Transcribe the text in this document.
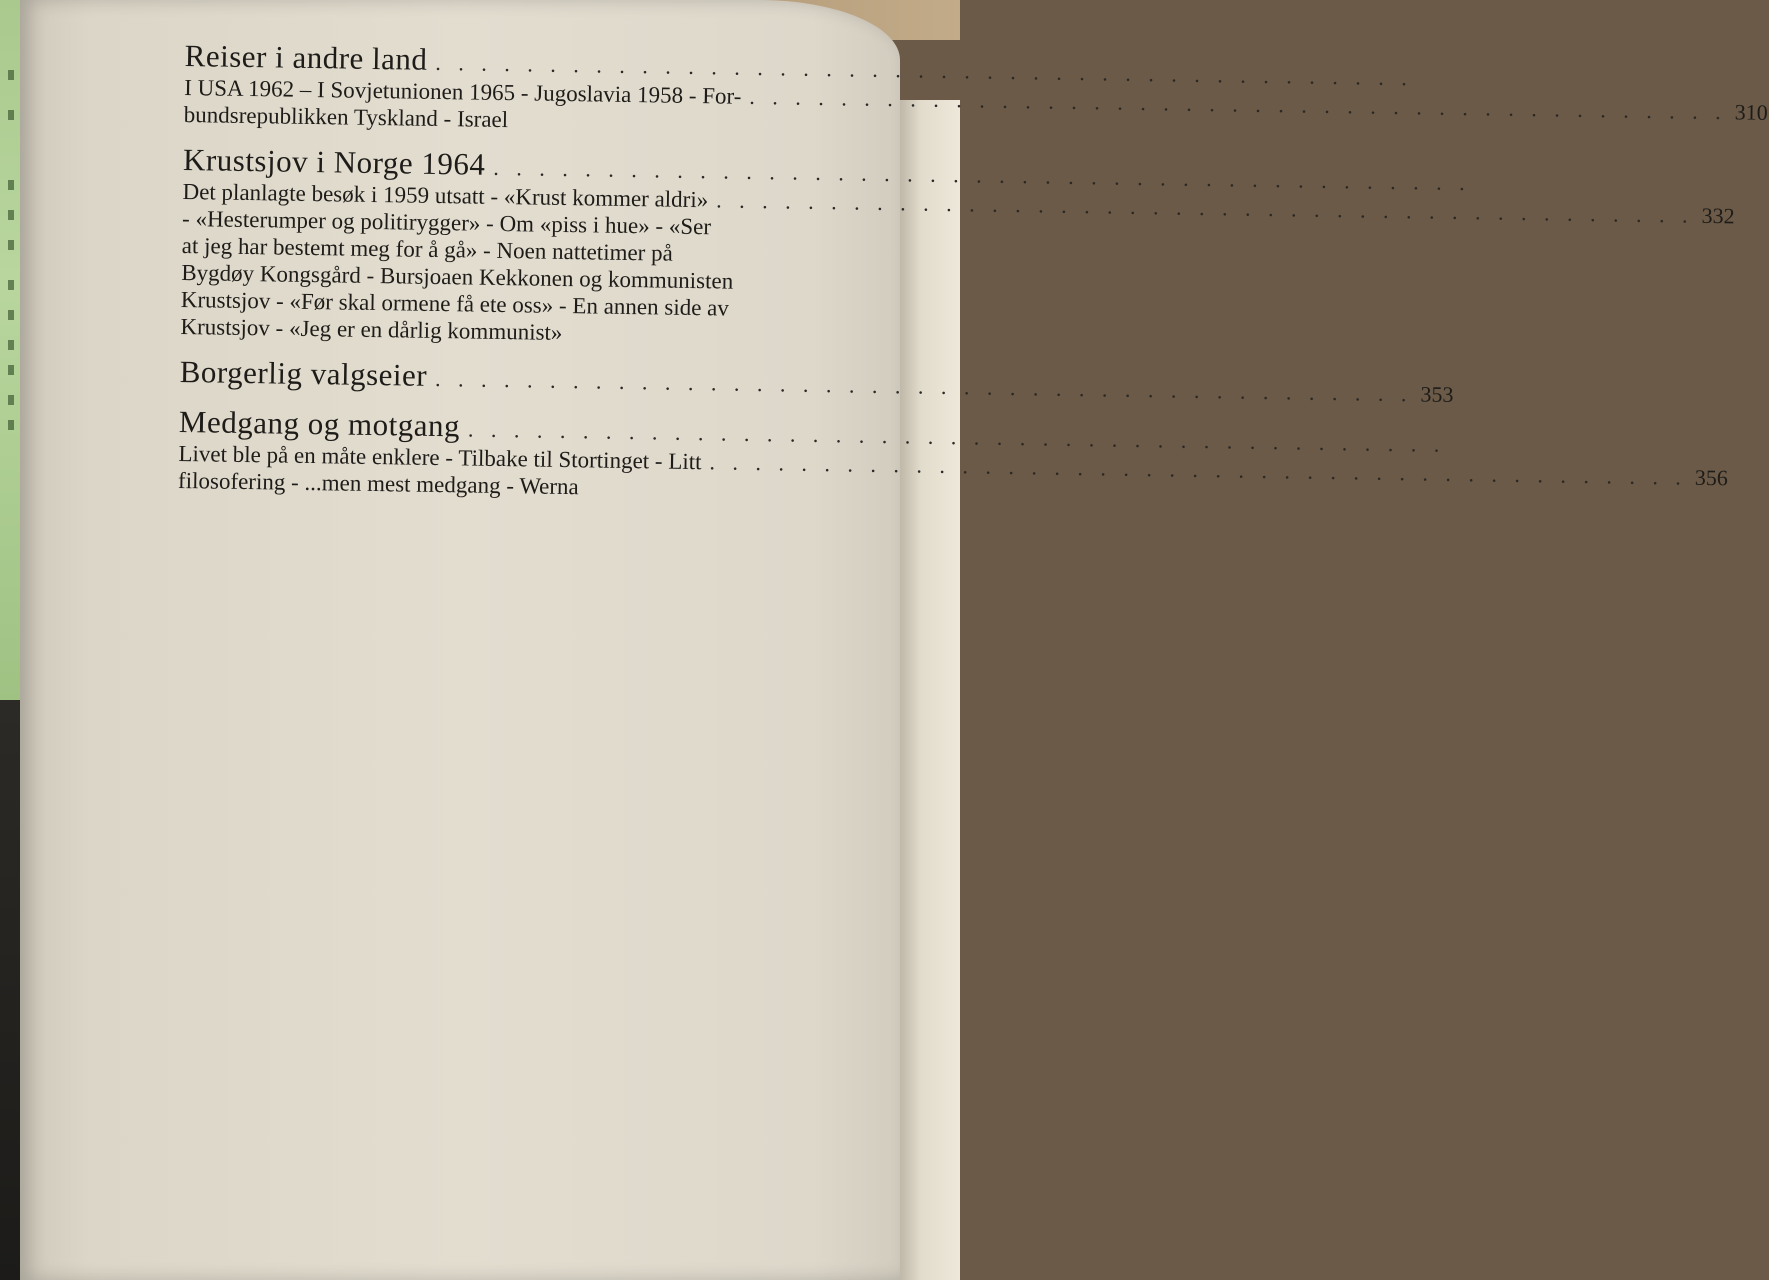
Reiser i andre land . . . . . . . . . . . . . . . . . . . . . . . . . . . . . . . . . . . . . . . . . . .
I USA 1962 – I Sovjetunionen 1965 - Jugoslavia 1958 - For- . . . . . . . . . . . . . . . . . . . . . . . . . . . . . . . . . . . . . . . . . . . 310
bundsrepublikken Tyskland - Israel
Krustsjov i Norge 1964 . . . . . . . . . . . . . . . . . . . . . . . . . . . . . . . . . . . . . . . . . . .
Det planlagte besøk i 1959 utsatt - «Krust kommer aldri» . . . . . . . . . . . . . . . . . . . . . . . . . . . . . . . . . . . . . . . . . . . 332
- «Hesterumper og politirygger» - Om «piss i hue» - «Ser
at jeg har bestemt meg for å gå» - Noen nattetimer på
Bygdøy Kongsgård - Bursjoaen Kekkonen og kommunisten
Krustsjov - «Før skal ormene få ete oss» - En annen side av
Krustsjov - «Jeg er en dårlig kommunist»
Borgerlig valgseier . . . . . . . . . . . . . . . . . . . . . . . . . . . . . . . . . . . . . . . . . . . 353
Medgang og motgang . . . . . . . . . . . . . . . . . . . . . . . . . . . . . . . . . . . . . . . . . . .
Livet ble på en måte enklere - Tilbake til Stortinget - Litt . . . . . . . . . . . . . . . . . . . . . . . . . . . . . . . . . . . . . . . . . . . 356
filosofering - ...men mest medgang - Werna
